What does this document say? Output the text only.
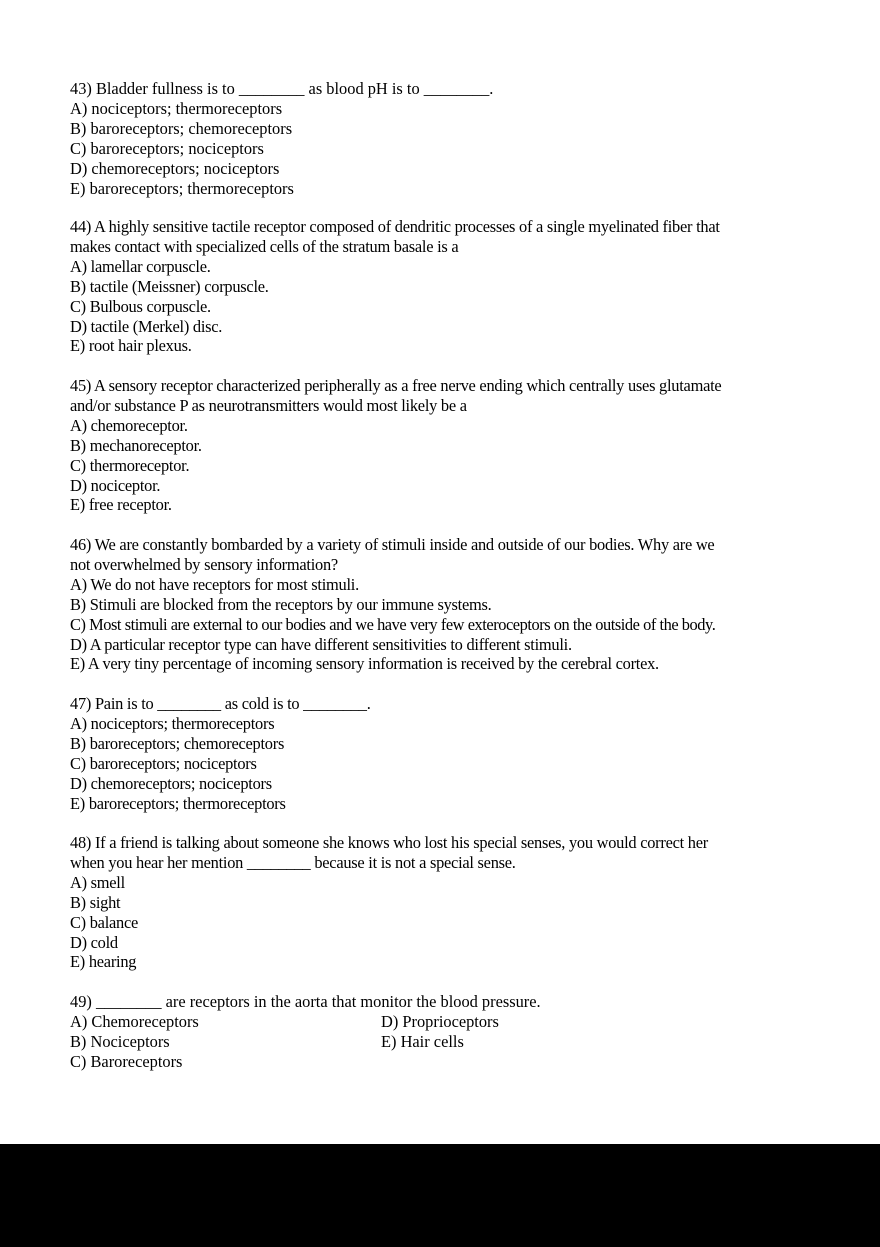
43) Bladder fullness is to ________ as blood pH is to ________.
A) nociceptors; thermoreceptors
B) baroreceptors; chemoreceptors
C) baroreceptors; nociceptors
D) chemoreceptors; nociceptors
E) baroreceptors; thermoreceptors
44) A highly sensitive tactile receptor composed of dendritic processes of a single myelinated fiber that
makes contact with specialized cells of the stratum basale is a
A) lamellar corpuscle.
B) tactile (Meissner) corpuscle.
C) Bulbous corpuscle.
D) tactile (Merkel) disc.
E) root hair plexus.
45) A sensory receptor characterized peripherally as a free nerve ending which centrally uses glutamate
and/or substance P as neurotransmitters would most likely be a
A) chemoreceptor.
B) mechanoreceptor.
C) thermoreceptor.
D) nociceptor.
E) free receptor.
46) We are constantly bombarded by a variety of stimuli inside and outside of our bodies. Why are we
not overwhelmed by sensory information?
A) We do not have receptors for most stimuli.
B) Stimuli are blocked from the receptors by our immune systems.
C) Most stimuli are external to our bodies and we have very few exteroceptors on the outside of the body.
D) A particular receptor type can have different sensitivities to different stimuli.
E) A very tiny percentage of incoming sensory information is received by the cerebral cortex.
47) Pain is to ________ as cold is to ________.
A) nociceptors; thermoreceptors
B) baroreceptors; chemoreceptors
C) baroreceptors; nociceptors
D) chemoreceptors; nociceptors
E) baroreceptors; thermoreceptors
48) If a friend is talking about someone she knows who lost his special senses, you would correct her
when you hear her mention ________ because it is not a special sense.
A) smell
B) sight
C) balance
D) cold
E) hearing
49) ________ are receptors in the aorta that monitor the blood pressure.
A) Chemoreceptors
B) Nociceptors
C) Baroreceptors
D) Proprioceptors
E) Hair cells
